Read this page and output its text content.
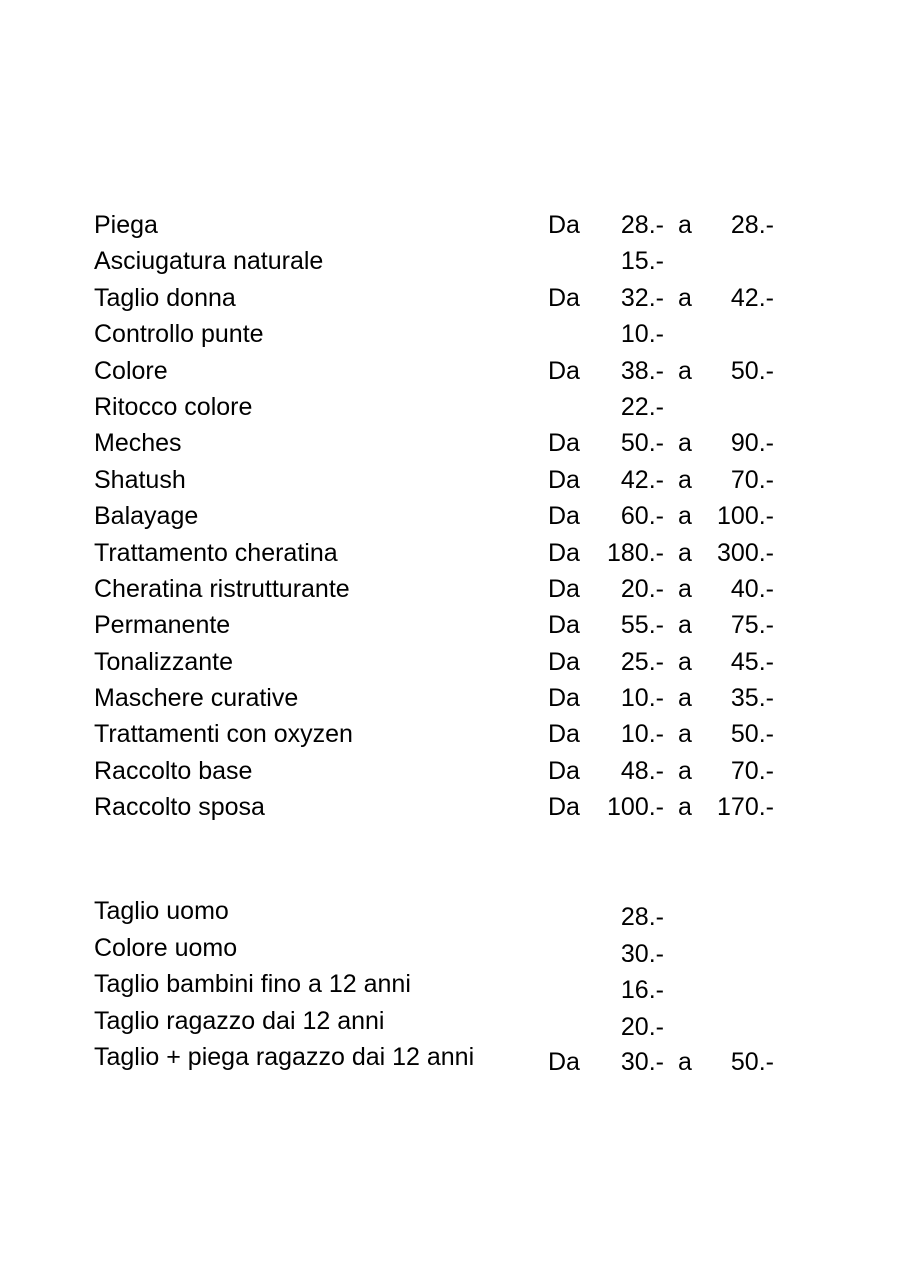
Piega	Da 28.- a 28.-
Asciugatura naturale	15.-
Taglio donna	Da 32.- a 42.-
Controllo punte	10.-
Colore	Da 38.- a 50.-
Ritocco colore	22.-
Meches	Da 50.- a 90.-
Shatush	Da 42.- a 70.-
Balayage	Da 60.- a 100.-
Trattamento cheratina	Da 180.- a 300.-
Cheratina ristrutturante	Da 20.- a 40.-
Permanente	Da 55.- a 75.-
Tonalizzante	Da 25.- a 45.-
Maschere curative	Da 10.- a 35.-
Trattamenti con oxyzen	Da 10.- a 50.-
Raccolto base	Da 48.- a 70.-
Raccolto sposa	Da 100.- a 170.-
Taglio uomo	28.-
Colore uomo	30.-
Taglio bambini fino a 12 anni	16.-
Taglio ragazzo dai 12 anni	20.-
Taglio + piega ragazzo dai 12 anni	Da 30.- a 50.-
